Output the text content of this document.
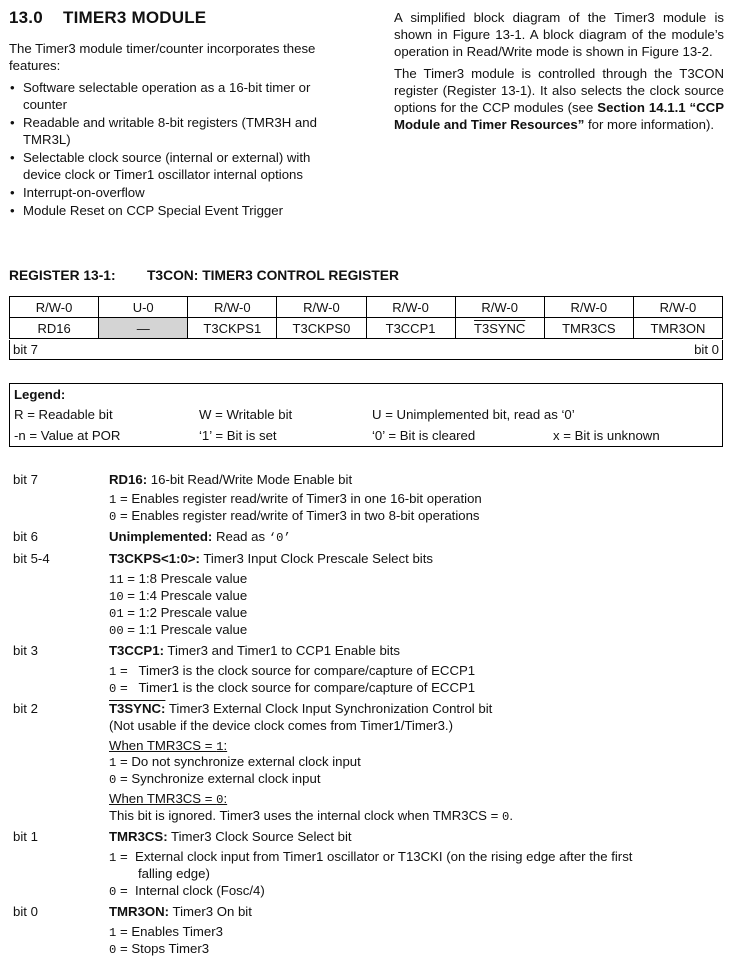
13.0 TIMER3 MODULE
The Timer3 module timer/counter incorporates these features:
• Software selectable operation as a 16-bit timer or counter
• Readable and writable 8-bit registers (TMR3H and TMR3L)
• Selectable clock source (internal or external) with device clock or Timer1 oscillator internal options
• Interrupt-on-overflow
• Module Reset on CCP Special Event Trigger

A simplified block diagram of the Timer3 module is shown in Figure 13-1. A block diagram of the module’s operation in Read/Write mode is shown in Figure 13-2.

The Timer3 module is controlled through the T3CON register (Register 13-1). It also selects the clock source options for the CCP modules (see Section 14.1.1 “CCP Module and Timer Resources” for more information).

REGISTER 13-1: T3CON: TIMER3 CONTROL REGISTER
R/W-0	U-0	R/W-0	R/W-0	R/W-0	R/W-0	R/W-0	R/W-0
RD16	—	T3CKPS1	T3CKPS0	T3CCP1	T3SYNC	TMR3CS	TMR3ON
bit 7	bit 0
Legend:
R = Readable bit	W = Writable bit	U = Unimplemented bit, read as ‘0’
-n = Value at POR	‘1’ = Bit is set	‘0’ = Bit is cleared	x = Bit is unknown
bit 7	RD16: 16-bit Read/Write Mode Enable bit
1 = Enables register read/write of Timer3 in one 16-bit operation
0 = Enables register read/write of Timer3 in two 8-bit operations
bit 6	Unimplemented: Read as ‘0’
bit 5-4	T3CKPS<1:0>: Timer3 Input Clock Prescale Select bits
11 = 1:8 Prescale value
10 = 1:4 Prescale value
01 = 1:2 Prescale value
00 = 1:1 Prescale value
bit 3	T3CCP1: Timer3 and Timer1 to CCP1 Enable bits
1 =   Timer3 is the clock source for compare/capture of ECCP1
0 =   Timer1 is the clock source for compare/capture of ECCP1
bit 2	T3SYNC: Timer3 External Clock Input Synchronization Control bit
(Not usable if the device clock comes from Timer1/Timer3.)
When TMR3CS = 1:
1 = Do not synchronize external clock input
0 = Synchronize external clock input
When TMR3CS = 0:
This bit is ignored. Timer3 uses the internal clock when TMR3CS = 0.
bit 1	TMR3CS: Timer3 Clock Source Select bit
1 =  External clock input from Timer1 oscillator or T13CKI (on the rising edge after the first
falling edge)
0 =  Internal clock (Fosc/4)
bit 0	TMR3ON: Timer3 On bit
1 = Enables Timer3
0 = Stops Timer3
